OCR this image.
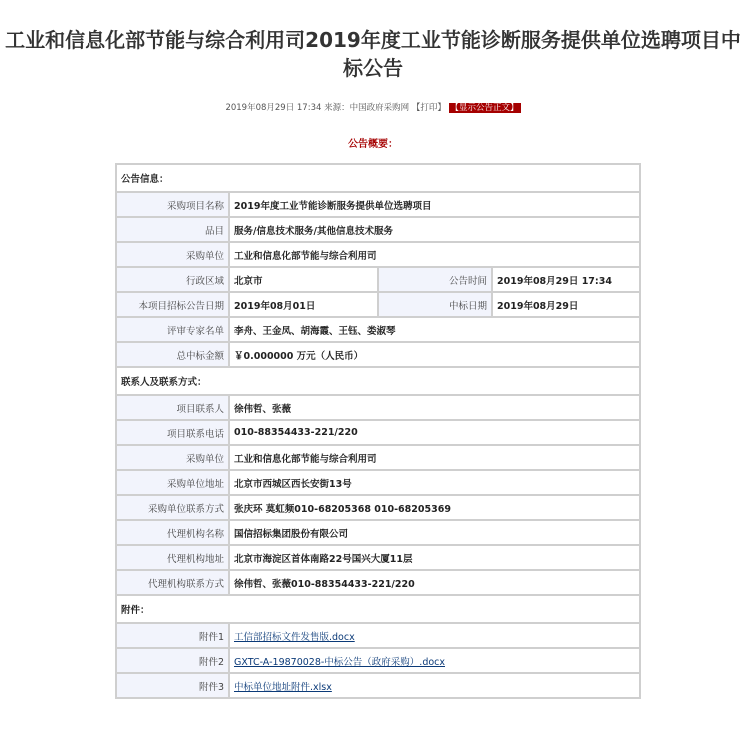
工业和信息化部节能与综合利用司2019年度工业节能诊断服务提供单位选聘项目中标公告
2019年08月29日 17:34 来源：中国政府采购网 【打印】 【显示公告正文】
公告概要：
公告信息：			
采购项目名称	2019年度工业节能诊断服务提供单位选聘项目		
品目	服务/信息技术服务/其他信息技术服务		
采购单位	工业和信息化部节能与综合利用司		
行政区域	北京市	公告时间	2019年08月29日 17:34
本项目招标公告日期	2019年08月01日	中标日期	2019年08月29日
评审专家名单	李舟、王金凤、胡海霞、王钰、娄淑琴		
总中标金额	￥0.000000 万元（人民币）		
联系人及联系方式：			
项目联系人	徐伟哲、张薇		
项目联系电话	010-88354433-221/220		
采购单位	工业和信息化部节能与综合利用司		
采购单位地址	北京市西城区西长安街13号		
采购单位联系方式	张庆环 莫虹频010-68205368 010-68205369		
代理机构名称	国信招标集团股份有限公司		
代理机构地址	北京市海淀区首体南路22号国兴大厦11层		
代理机构联系方式	徐伟哲、张薇010-88354433-221/220		
附件：			
附件1	工信部招标文件发售版.docx		
附件2	GXTC-A-19870028-中标公告（政府采购）.docx		
附件3	中标单位地址附件.xlsx		
